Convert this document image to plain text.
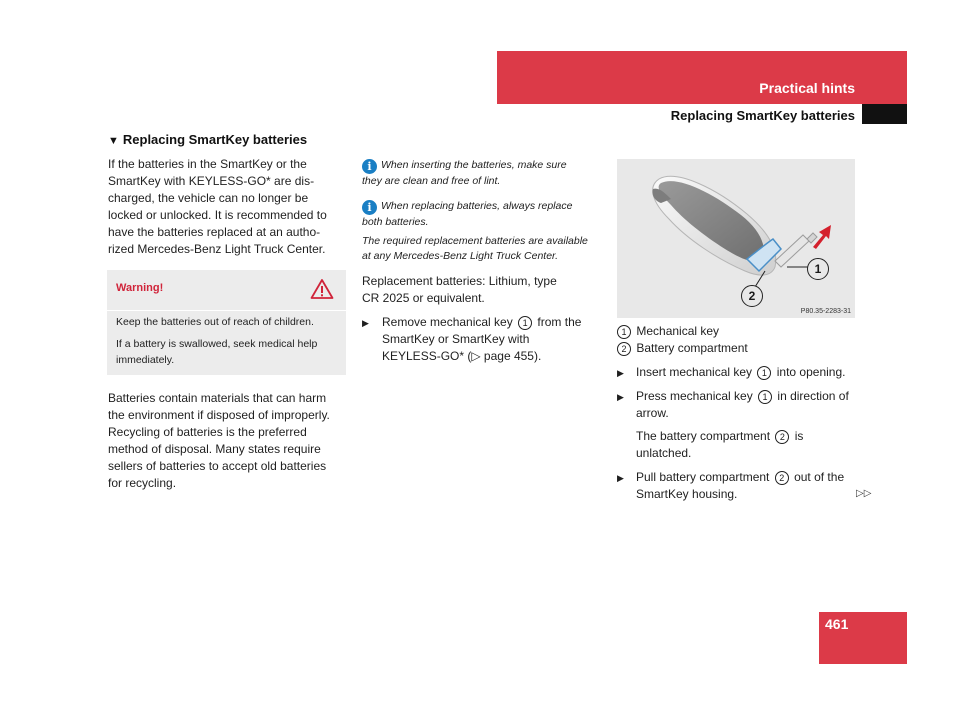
Practical hints
Replacing SmartKey batteries
▼ Replacing SmartKey batteries
If the batteries in the SmartKey or the
SmartKey with KEYLESS-GO* are dis-
charged, the vehicle can no longer be
locked or unlocked. It is recommended to
have the batteries replaced at an autho-
rized Mercedes-Benz Light Truck Center.
Warning!
Keep the batteries out of reach of children.
If a battery is swallowed, seek medical help
immediately.
Batteries contain materials that can harm
the environment if disposed of improperly.
Recycling of batteries is the preferred
method of disposal. Many states require
sellers of batteries to accept old batteries
for recycling.
i When inserting the batteries, make sure
they are clean and free of lint.
i When replacing batteries, always replace
both batteries.
The required replacement batteries are available
at any Mercedes-Benz Light Truck Center.
Replacement batteries: Lithium, type
CR 2025 or equivalent.
▶ Remove mechanical key 1 from the
SmartKey or SmartKey with
KEYLESS-GO* (▷ page 455).
1
2
P80.35-2283-31
1 Mechanical key
2 Battery compartment
▶ Insert mechanical key 1 into opening.
▶ Press mechanical key 1 in direction of
arrow.
The battery compartment 2 is
unlatched.
▶ Pull battery compartment 2 out of the
SmartKey housing.	▷▷
461
